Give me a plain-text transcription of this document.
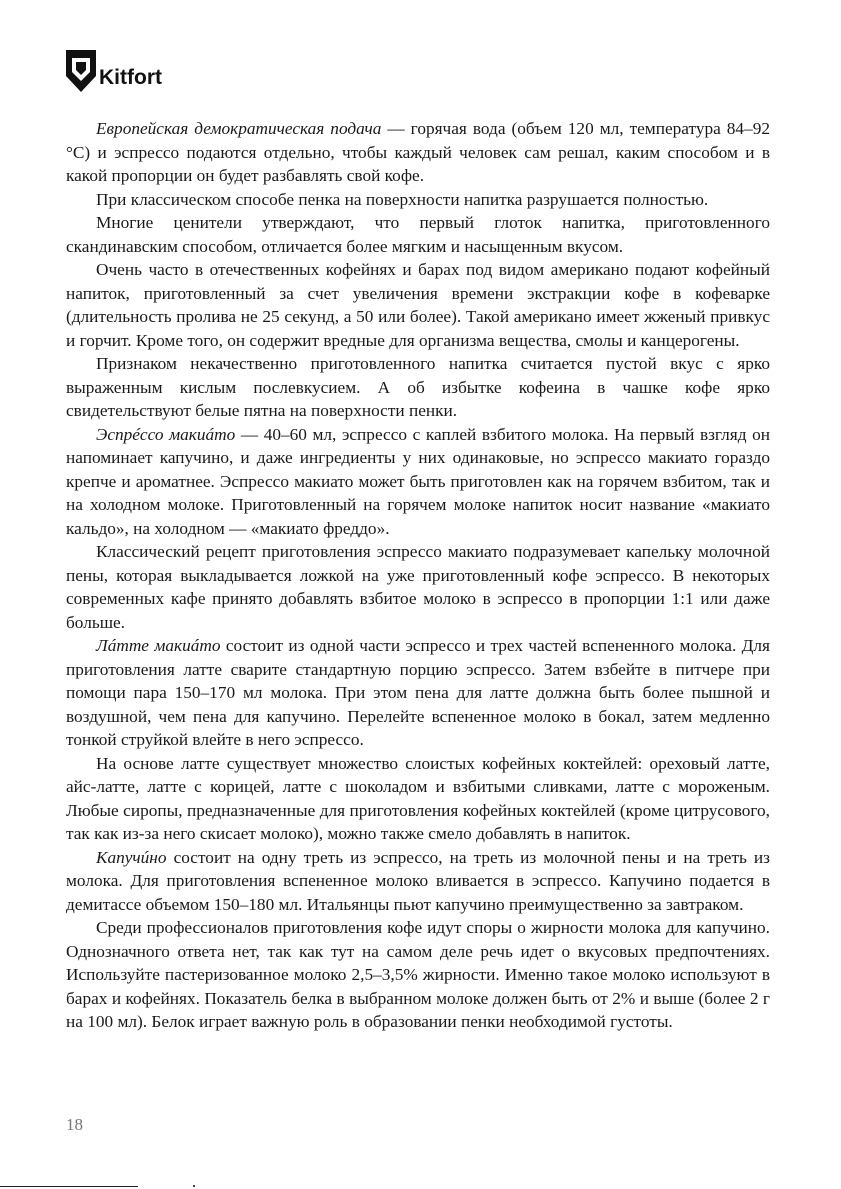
Kitfort

Европейская демократическая подача — горячая вода (объем 120 мл, температура 84–92 °C) и эспрессо подаются отдельно, чтобы каждый человек сам решал, каким способом и в какой пропорции он будет разбавлять свой кофе.

При классическом способе пенка на поверхности напитка разрушается полностью.

Многие ценители утверждают, что первый глоток напитка, приготовленного скандинавским способом, отличается более мягким и насыщенным вкусом.

Очень часто в отечественных кофейнях и барах под видом американо подают кофейный напиток, приготовленный за счет увеличения времени экстракции кофе в кофеварке (длительность пролива не 25 секунд, а 50 или более). Такой американо имеет жженый привкус и горчит. Кроме того, он содержит вредные для организма вещества, смолы и канцерогены.

Признаком некачественно приготовленного напитка считается пустой вкус с ярко выраженным кислым послевкусием. А об избытке кофеина в чашке кофе ярко свидетельствуют белые пятна на поверхности пенки.

Эспрéссо макиáто — 40–60 мл, эспрессо с каплей взбитого молока. На первый взгляд он напоминает капучино, и даже ингредиенты у них одинаковые, но эспрессо макиато гораздо крепче и ароматнее. Эспрессо макиато может быть приготовлен как на горячем взбитом, так и на холодном молоке. Приготовленный на горячем молоке напиток носит название «макиато кальдо», на холодном — «макиато фреддо».

Классический рецепт приготовления эспрессо макиато подразумевает капельку молочной пены, которая выкладывается ложкой на уже приготовленный кофе эспрессо. В некоторых современных кафе принято добавлять взбитое молоко в эспрессо в пропорции 1:1 или даже больше.

Лáтте макиáто состоит из одной части эспрессо и трех частей вспененного молока. Для приготовления латте сварите стандартную порцию эспрессо. Затем взбейте в питчере при помощи пара 150–170 мл молока. При этом пена для латте должна быть более пышной и воздушной, чем пена для капучино. Перелейте вспененное молоко в бокал, затем медленно тонкой струйкой влейте в него эспрессо.

На основе латте существует множество слоистых кофейных коктейлей: ореховый латте, айс-латте, латте с корицей, латте с шоколадом и взбитыми сливками, латте с мороженым. Любые сиропы, предназначенные для приготовления кофейных коктейлей (кроме цитрусового, так как из-за него скисает молоко), можно также смело добавлять в напиток.

Капучúно состоит на одну треть из эспрессо, на треть из молочной пены и на треть из молока. Для приготовления вспененное молоко вливается в эспрессо. Капучино подается в демитассе объемом 150–180 мл. Итальянцы пьют капучино преимущественно за завтраком.

Среди профессионалов приготовления кофе идут споры о жирности молока для капучино. Однозначного ответа нет, так как тут на самом деле речь идет о вкусовых предпочтениях. Используйте пастеризованное молоко 2,5–3,5% жирности. Именно такое молоко используют в барах и кофейнях. Показатель белка в выбранном молоке должен быть от 2% и выше (более 2 г на 100 мл). Белок играет важную роль в образовании пенки необходимой густоты.

18
